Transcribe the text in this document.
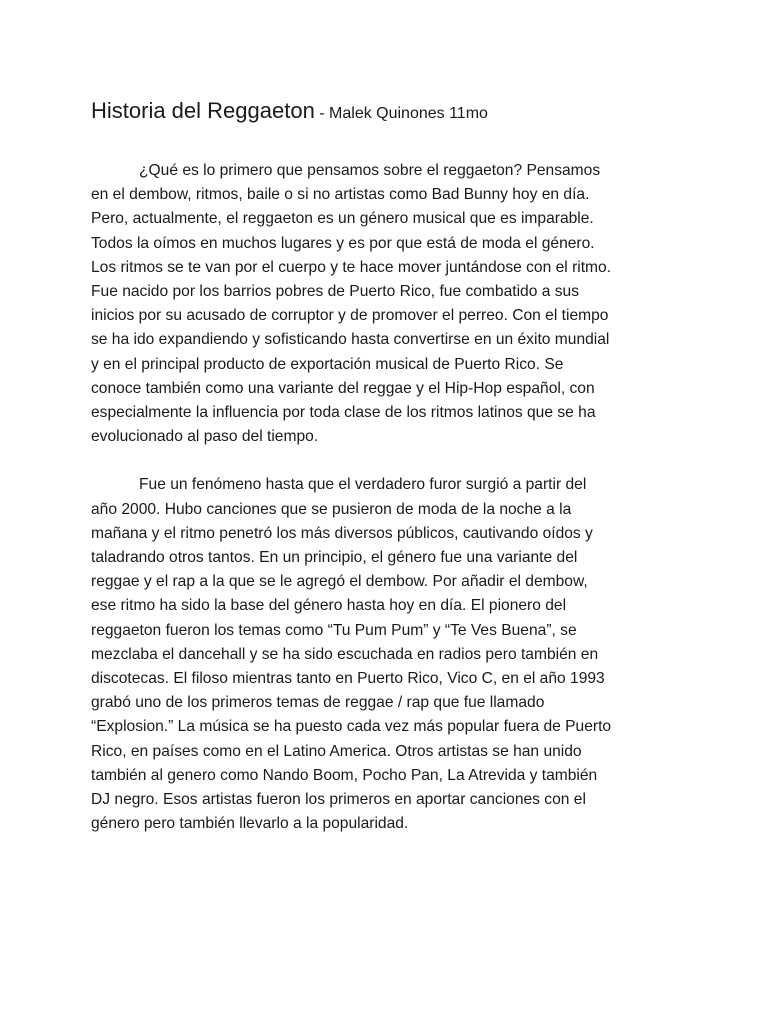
Historia del Reggaeton - Malek Quinones 11mo

¿Qué es lo primero que pensamos sobre el reggaeton? Pensamos
en el dembow, ritmos, baile o si no artistas como Bad Bunny hoy en día.
Pero, actualmente, el reggaeton es un género musical que es imparable.
Todos la oímos en muchos lugares y es por que está de moda el género.
Los ritmos se te van por el cuerpo y te hace mover juntándose con el ritmo.
Fue nacido por los barrios pobres de Puerto Rico, fue combatido a sus
inicios por su acusado de corruptor y de promover el perreo. Con el tiempo
se ha ido expandiendo y sofisticando hasta convertirse en un éxito mundial
y en el principal producto de exportación musical de Puerto Rico. Se
conoce también como una variante del reggae y el Hip-Hop español, con
especialmente la influencia por toda clase de los ritmos latinos que se ha
evolucionado al paso del tiempo.

Fue un fenómeno hasta que el verdadero furor surgió a partir del
año 2000. Hubo canciones que se pusieron de moda de la noche a la
mañana y el ritmo penetró los más diversos públicos, cautivando oídos y
taladrando otros tantos. En un principio, el género fue una variante del
reggae y el rap a la que se le agregó el dembow. Por añadir el dembow,
ese ritmo ha sido la base del género hasta hoy en día. El pionero del
reggaeton fueron los temas como “Tu Pum Pum” y “Te Ves Buena”, se
mezclaba el dancehall y se ha sido escuchada en radios pero también en
discotecas. El filoso mientras tanto en Puerto Rico, Vico C, en el año 1993
grabó uno de los primeros temas de reggae / rap que fue llamado
“Explosion.” La música se ha puesto cada vez más popular fuera de Puerto
Rico, en países como en el Latino America. Otros artistas se han unido
también al genero como Nando Boom, Pocho Pan, La Atrevida y también
DJ negro. Esos artistas fueron los primeros en aportar canciones con el
género pero también llevarlo a la popularidad.
